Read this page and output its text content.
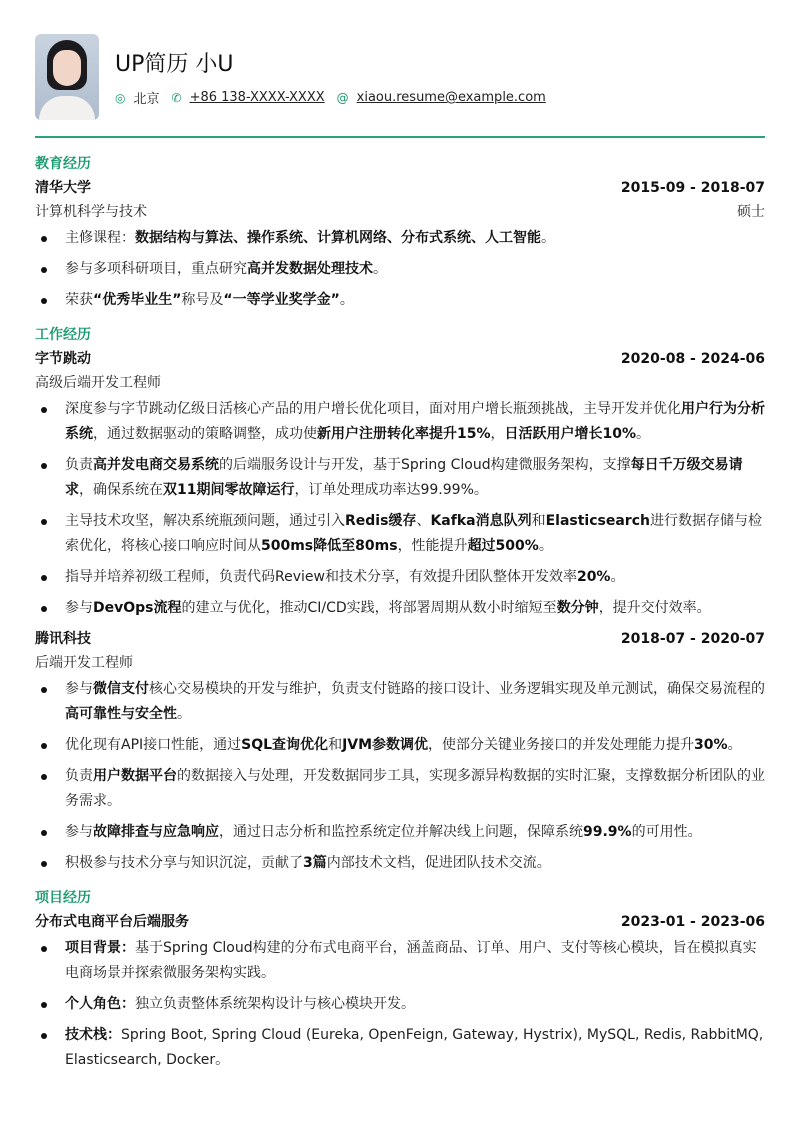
UP简历 小U
◎ 北京 ✆ +86 138-XXXX-XXXX @ xiaou.resume@example.com
教育经历
清华大学	2015-09 - 2018-07
计算机科学与技术	硕士
主修课程：数据结构与算法、操作系统、计算机网络、分布式系统、人工智能。
参与多项科研项目，重点研究高并发数据处理技术。
荣获“优秀毕业生”称号及“一等学业奖学金”。
工作经历
字节跳动	2020-08 - 2024-06
高级后端开发工程师
深度参与字节跳动亿级日活核心产品的用户增长优化项目，面对用户增长瓶颈挑战，主导开发并优化用户行为分析系统，通过数据驱动的策略调整，成功使新用户注册转化率提升15%，日活跃用户增长10%。
负责高并发电商交易系统的后端服务设计与开发，基于Spring Cloud构建微服务架构，支撑每日千万级交易请求，确保系统在双11期间零故障运行，订单处理成功率达99.99%。
主导技术攻坚，解决系统瓶颈问题，通过引入Redis缓存、Kafka消息队列和Elasticsearch进行数据存储与检索优化，将核心接口响应时间从500ms降低至80ms，性能提升超过500%。
指导并培养初级工程师，负责代码Review和技术分享，有效提升团队整体开发效率20%。
参与DevOps流程的建立与优化，推动CI/CD实践，将部署周期从数小时缩短至数分钟，提升交付效率。
腾讯科技	2018-07 - 2020-07
后端开发工程师
参与微信支付核心交易模块的开发与维护，负责支付链路的接口设计、业务逻辑实现及单元测试，确保交易流程的高可靠性与安全性。
优化现有API接口性能，通过SQL查询优化和JVM参数调优，使部分关键业务接口的并发处理能力提升30%。
负责用户数据平台的数据接入与处理，开发数据同步工具，实现多源异构数据的实时汇聚，支撑数据分析团队的业务需求。
参与故障排查与应急响应，通过日志分析和监控系统定位并解决线上问题，保障系统99.9%的可用性。
积极参与技术分享与知识沉淀，贡献了3篇内部技术文档，促进团队技术交流。
项目经历
分布式电商平台后端服务	2023-01 - 2023-06
项目背景：基于Spring Cloud构建的分布式电商平台，涵盖商品、订单、用户、支付等核心模块，旨在模拟真实电商场景并探索微服务架构实践。
个人角色：独立负责整体系统架构设计与核心模块开发。
技术栈：Spring Boot, Spring Cloud (Eureka, OpenFeign, Gateway, Hystrix), MySQL, Redis, RabbitMQ, Elasticsearch, Docker。
